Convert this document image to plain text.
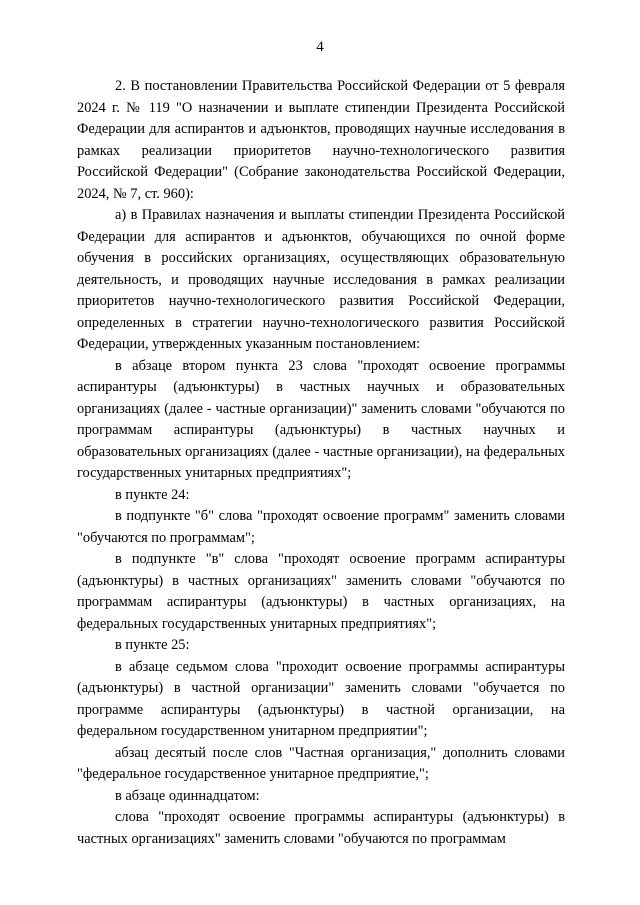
4

2. В постановлении Правительства Российской Федерации от 5 февраля 2024 г. № 119 "О назначении и выплате стипендии Президента Российской Федерации для аспирантов и адъюнктов, проводящих научные исследования в рамках реализации приоритетов научно-технологического развития Российской Федерации" (Собрание законодательства Российской Федерации, 2024, № 7, ст. 960):

а) в Правилах назначения и выплаты стипендии Президента Российской Федерации для аспирантов и адъюнктов, обучающихся по очной форме обучения в российских организациях, осуществляющих образовательную деятельность, и проводящих научные исследования в рамках реализации приоритетов научно-технологического развития Российской Федерации, определенных в стратегии научно-технологического развития Российской Федерации, утвержденных указанным постановлением:

в абзаце втором пункта 23 слова "проходят освоение программы аспирантуры (адъюнктуры) в частных научных и образовательных организациях (далее - частные организации)" заменить словами "обучаются по программам аспирантуры (адъюнктуры) в частных научных и образовательных организациях (далее - частные организации), на федеральных государственных унитарных предприятиях";

в пункте 24:

в подпункте "б" слова "проходят освоение программ" заменить словами "обучаются по программам";

в подпункте "в" слова "проходят освоение программ аспирантуры (адъюнктуры) в частных организациях" заменить словами "обучаются по программам аспирантуры (адъюнктуры) в частных организациях, на федеральных государственных унитарных предприятиях";

в пункте 25:

в абзаце седьмом слова "проходит освоение программы аспирантуры (адъюнктуры) в частной организации" заменить словами "обучается по программе аспирантуры (адъюнктуры) в частной организации, на федеральном государственном унитарном предприятии";

абзац десятый после слов "Частная организация," дополнить словами "федеральное государственное унитарное предприятие,";

в абзаце одиннадцатом:

слова "проходят освоение программы аспирантуры (адъюнктуры) в частных организациях" заменить словами "обучаются по программам
